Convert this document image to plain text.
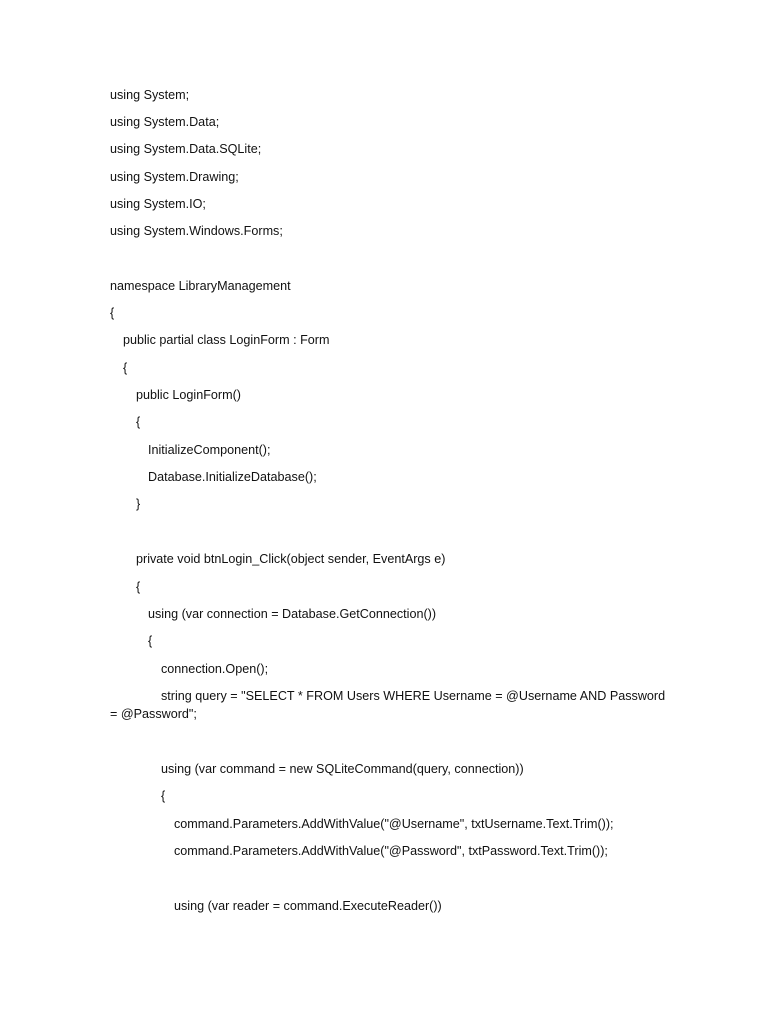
using System;
using System.Data;
using System.Data.SQLite;
using System.Drawing;
using System.IO;
using System.Windows.Forms;
namespace LibraryManagement
{
public partial class LoginForm : Form
{
public LoginForm()
{
InitializeComponent();
Database.InitializeDatabase();
}
private void btnLogin_Click(object sender, EventArgs e)
{
using (var connection = Database.GetConnection())
{
connection.Open();
string query = "SELECT * FROM Users WHERE Username = @Username AND Password
= @Password";
using (var command = new SQLiteCommand(query, connection))
{
command.Parameters.AddWithValue("@Username", txtUsername.Text.Trim());
command.Parameters.AddWithValue("@Password", txtPassword.Text.Trim());
using (var reader = command.ExecuteReader())
